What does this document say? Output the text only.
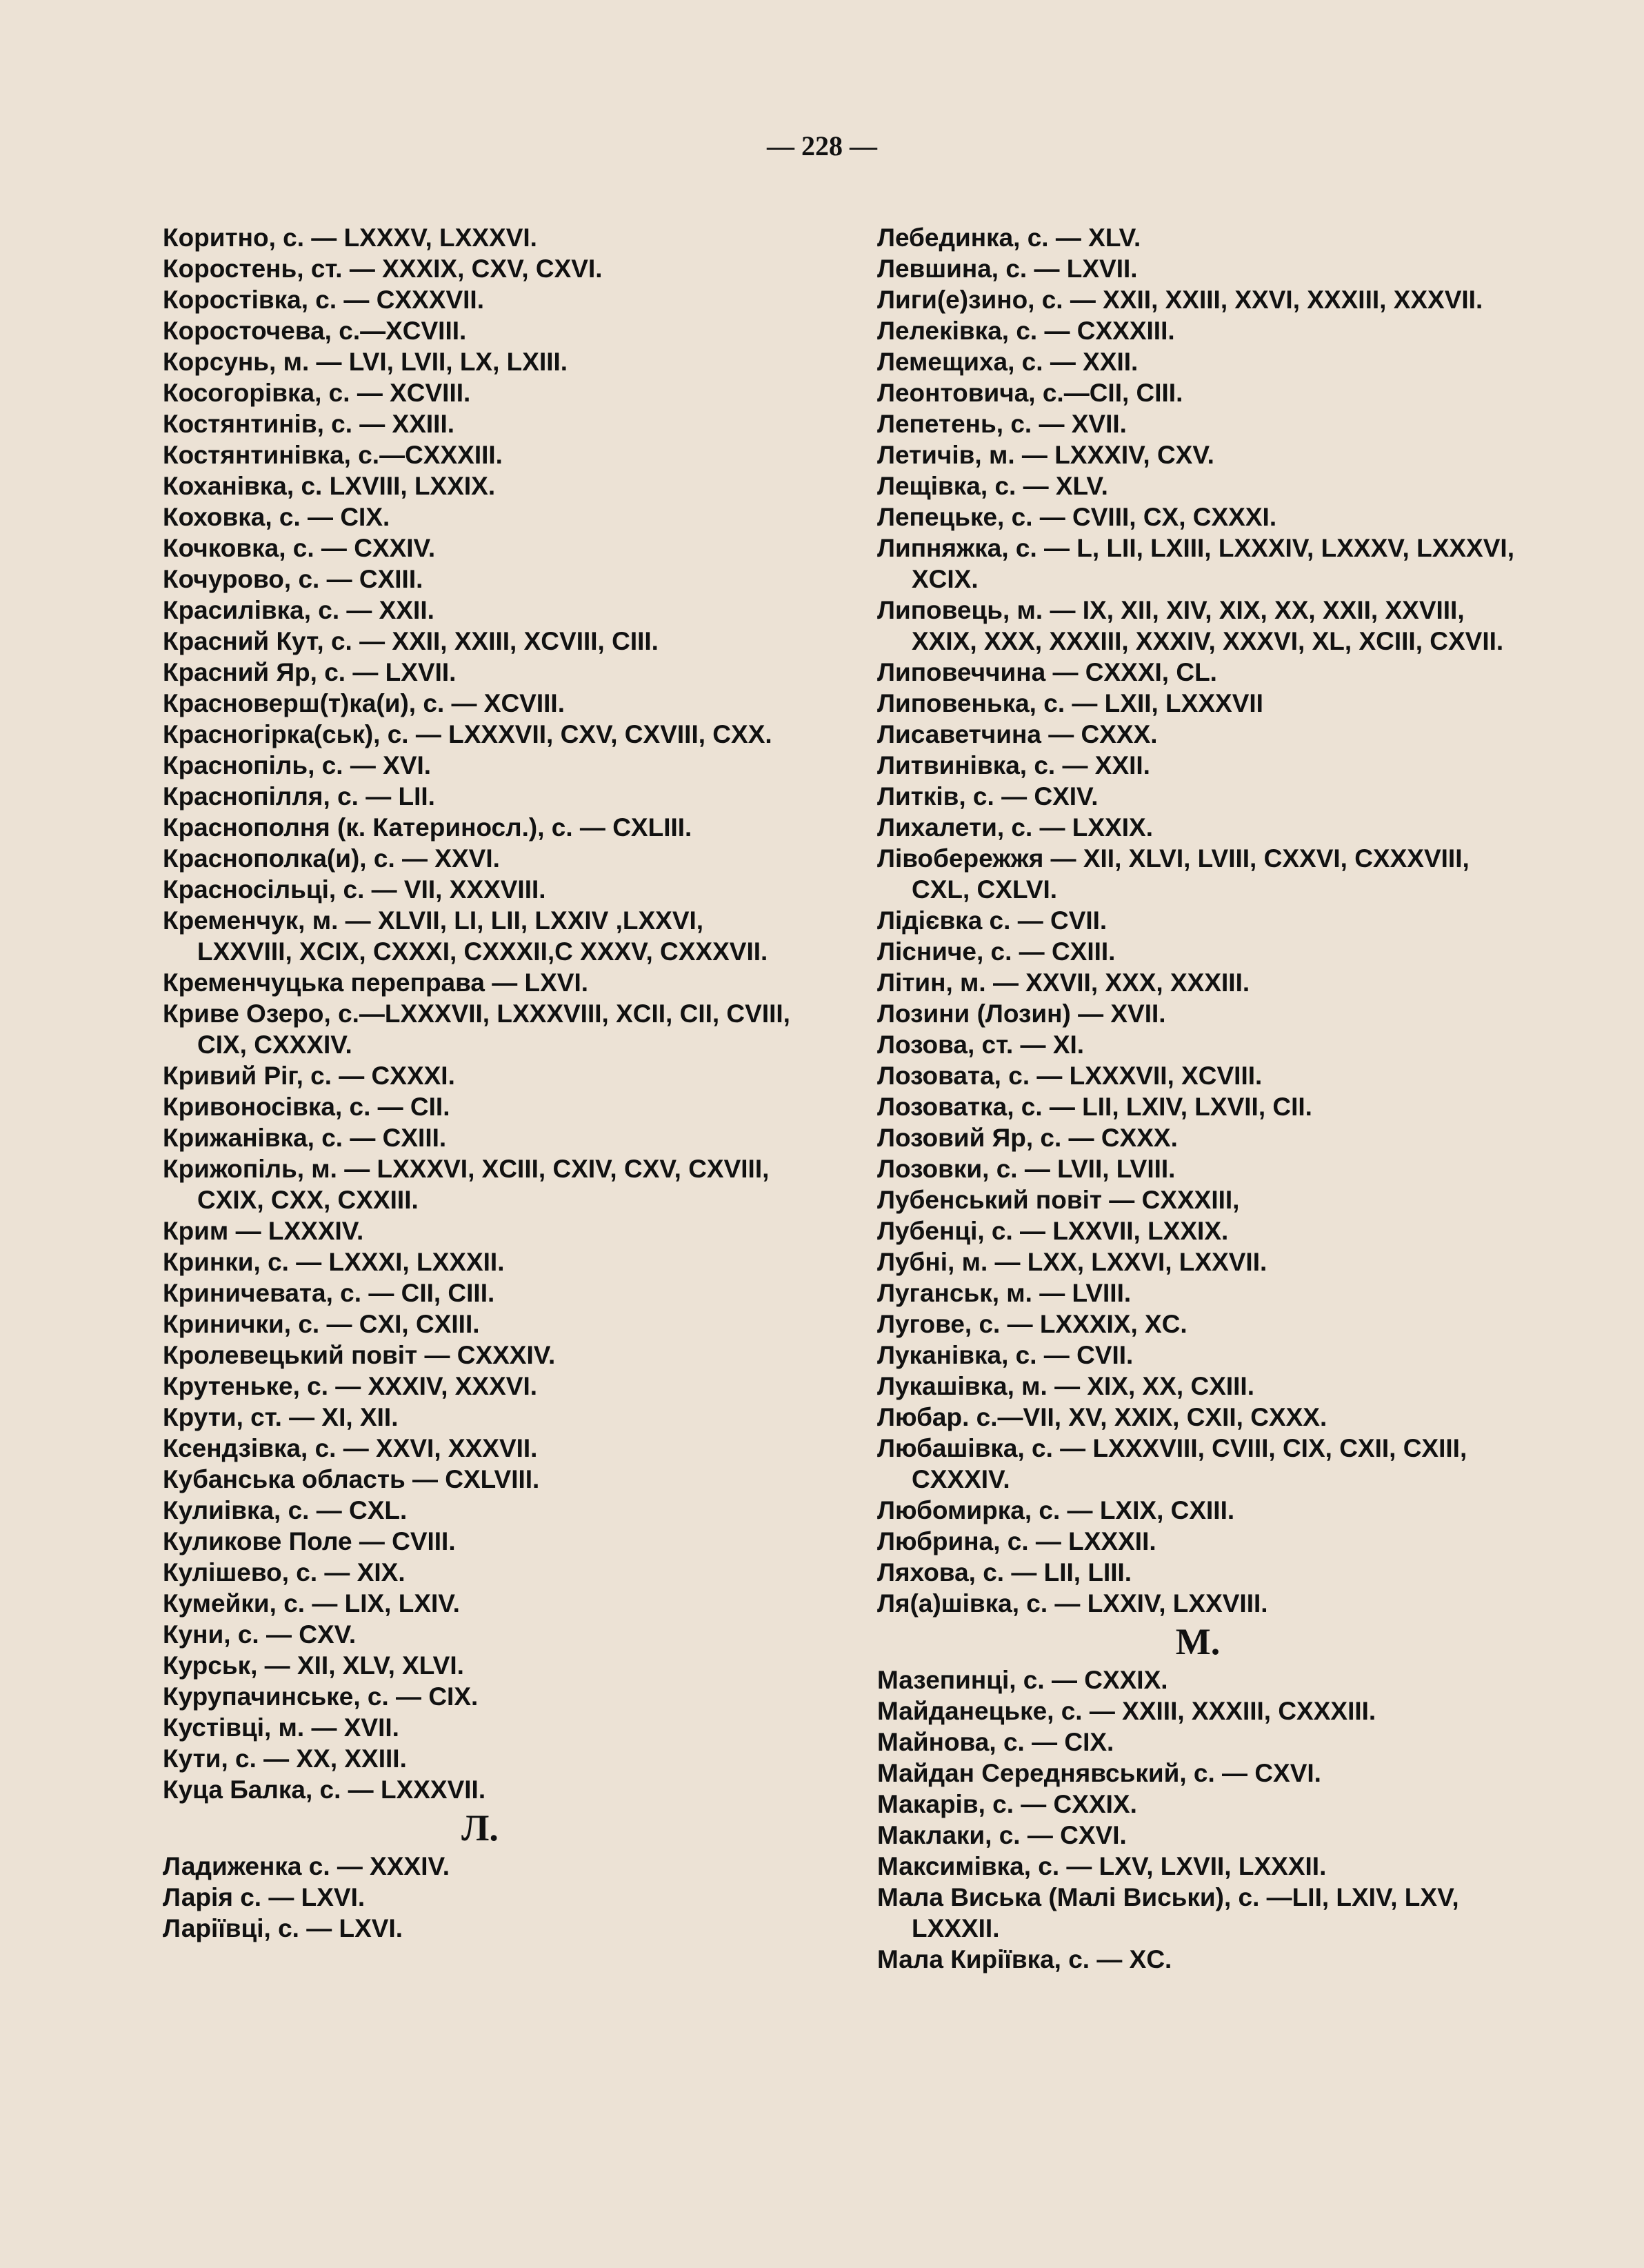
— 228 —
Коритно, с. — LXXXV, LXXXVI.
Коростень, ст. — XXXIX, CXV, CXVI.
Коростівка, с. — CXXXVII.
Коросточева, с.—XCVIII.
Корсунь, м. — LVI, LVII, LX, LXIII.
Косогорівка, с. — XCVIII.
Костянтинів, с. — XXIII.
Костянтинівка, с.—CXXXIII.
Коханівка, с. LXVIII, LXXIX.
Коховка, с. — CIX.
Кочковка, с. — CXXIV.
Кочурово, с. — CXIII.
Красилівка, с. — XXII.
Красний Кут, с. — XXII, XXIII, XCVIII, CIII.
Красний Яр, с. — LXVII.
Красноверш(т)ка(и), с. — XCVIII.
Красногірка(ськ), с. — LXXXVII, CXV, CXVIII, CXX.
Краснопіль, с. — XVI.
Краснопілля, с. — LII.
Краснополня (к. Катериносл.), с. — CXLIII.
Краснополка(и), с. — XXVI.
Красносільці, с. — VII, XXXVIII.
Кременчук, м. — XLVII, LI, LII, LXXIV ,LXXVI, LXXVIII, XCIX, CXXXI, CXXXII,C XXXV, CXXXVII.
Кременчуцька переправа — LXVI.
Криве Озеро, с.—LXXXVII, LXXXVIII, XCII, CII, CVIII, CIX, CXXXIV.
Кривий Ріг, с. — CXXXI.
Кривоносівка, с. — CII.
Крижанівка, с. — CXIII.
Крижопіль, м. — LXXXVI, XCIII, CXIV, CXV, CXVIII, CXIX, CXX, CXXIII.
Крим — LXXXIV.
Кринки, с. — LXXXI, LXXXII.
Криничевата, с. — CII, CIII.
Кринички, с. — CXI, CXIII.
Кролевецький повіт — CXXXIV.
Крутеньке, с. — XXXIV, XXXVI.
Крути, ст. — XI, XII.
Ксендзівка, с. — XXVI, XXXVII.
Кубанська область — CXLVIII.
Кулиівка, с. — CXL.
Куликове Поле — CVIII.
Кулішево, с. — XIX.
Кумейки, с. — LIX, LXIV.
Куни, с. — CXV.
Курськ, — XII, XLV, XLVI.
Курупачинське, с. — CIX.
Кустівці, м. — XVII.
Кути, с. — XX, XXIII.
Куца Балка, с. — LXXXVII.
Л.
Ладиженка с. — XXXIV.
Ларія с. — LXVI.
Ларіївці, с. — LXVI.
Лебединка, с. — XLV.
Левшина, с. — LXVII.
Лиги(е)зино, с. — XXII, XXIII, XXVI, XXXIII, XXXVII.
Лелеківка, с. — CXXXIII.
Лемещиха, с. — XXII.
Леонтовича, с.—CII, CIII.
Лепетень, с. — XVII.
Летичів, м. — LXXXIV, CXV.
Лещівка, с. — XLV.
Лепецьке, с. — CVIII, CX, CXXXI.
Липняжка, с. — L, LII, LXIII, LXXXIV, LXXXV, LXXXVI, XCIX.
Липовець, м. — IX, XII, XIV, XIX, XX, XXII, XXVIII, XXIX, XXX, XXXIII, XXXIV, XXXVI, XL, XCIII, CXVII.
Липовеччина — CXXXI, CL.
Липовенька, с. — LXII, LXXXVII
Лисаветчина — CXXX.
Литвинівка, с. — XXII.
Литків, с. — CXIV.
Лихалети, с. — LXXIX.
Лівобережжя — XII, XLVI, LVIII, CXXVI, CXXXVIII, CXL, CXLVI.
Лідієвка с. — CVII.
Лісниче, с. — CXIII.
Літин, м. — XXVII, XXX, XXXIII.
Лозини (Лозин) — XVII.
Лозова, ст. — XI.
Лозовата, с. — LXXXVII, XCVIII.
Лозоватка, с. — LII, LXIV, LXVII, CII.
Лозовий Яр, с. — CXXX.
Лозовки, с. — LVII, LVIII.
Лубенський повіт — CXXXIII,
Лубенці, с. — LXXVII, LXXIX.
Лубні, м. — LXX, LXXVI, LXXVII.
Луганськ, м. — LVIII.
Лугове, с. — LXXXIX, XC.
Луканівка, с. — CVII.
Лукашівка, м. — XIX, XX, CXIII.
Любар. с.—VII, XV, XXIX, CXII, CXXX.
Любашівка, с. — LXXXVIII, CVIII, CIX, CXII, CXIII, CXXXIV.
Любомирка, с. — LXIX, CXIII.
Любрина, с. — LXXXII.
Ляхова, с. — LII, LIII.
Ля(а)шівка, с. — LXXIV, LXXVIII.
М.
Мазепинці, с. — CXXIX.
Майданецьке, с. — XXIII, XXXIII, CXXXIII.
Майнова, с. — CIX.
Майдан Середнявський, с. — CXVI.
Макарів, с. — CXXIX.
Маклаки, с. — CXVI.
Максимівка, с. — LXV, LXVII, LXXXII.
Мала Виська (Малі Виськи), с. —LII, LXIV, LXV, LXXXII.
Мала Киріївка, с. — XC.
